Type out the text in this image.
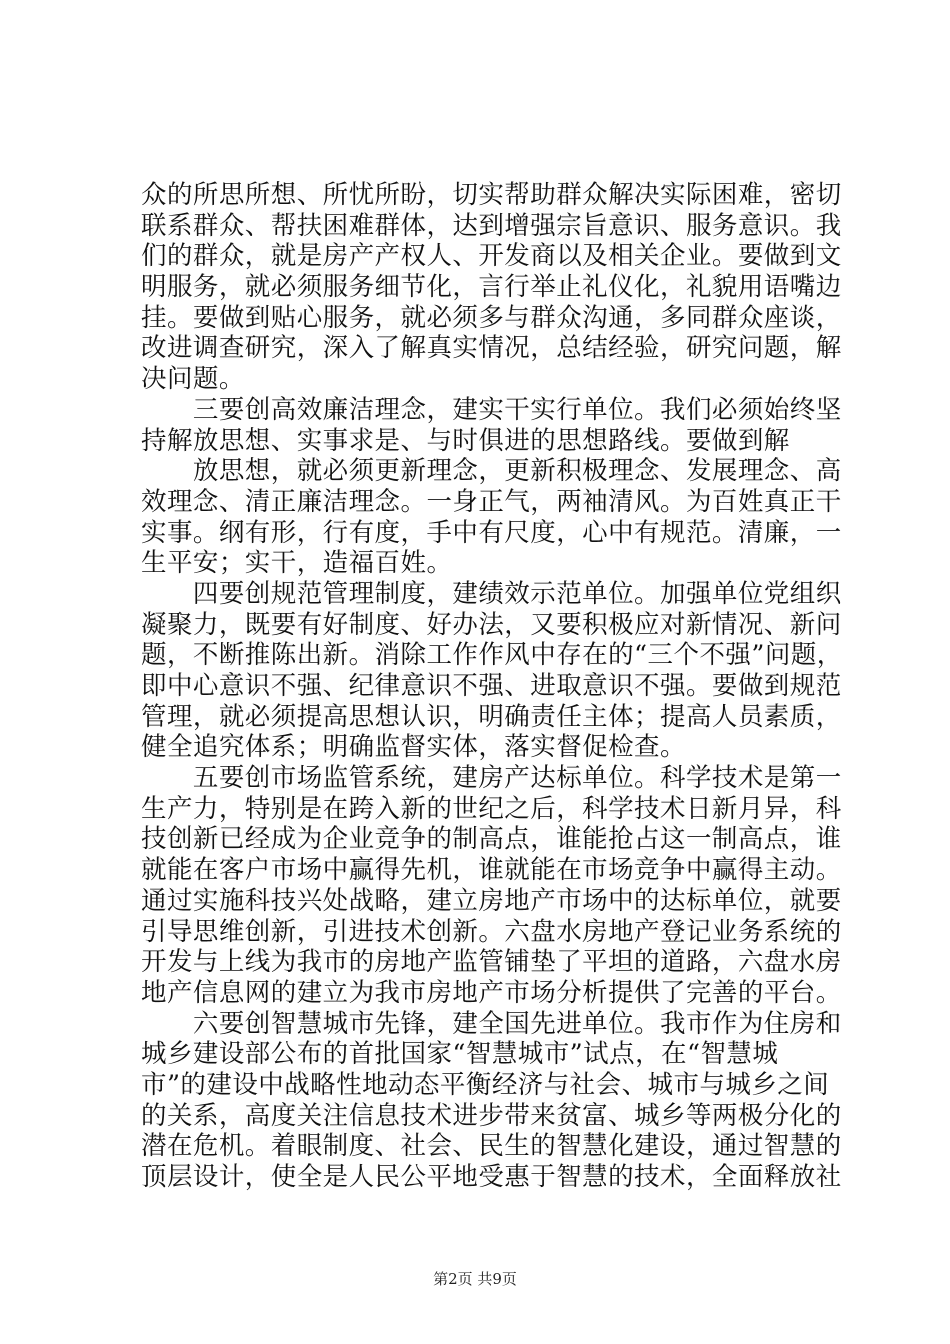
众的所思所想、所忧所盼，切实帮助群众解决实际困难，密切
联系群众、帮扶困难群体，达到增强宗旨意识、服务意识。我
们的群众，就是房产产权人、开发商以及相关企业。要做到文
明服务，就必须服务细节化，言行举止礼仪化，礼貌用语嘴边
挂。要做到贴心服务，就必须多与群众沟通，多同群众座谈，
改进调查研究，深入了解真实情况，总结经验，研究问题，解
决问题。
　　三要创高效廉洁理念，建实干实行单位。我们必须始终坚
持解放思想、实事求是、与时俱进的思想路线。要做到解
　　放思想，就必须更新理念，更新积极理念、发展理念、高
效理念、清正廉洁理念。一身正气，两袖清风。为百姓真正干
实事。纲有形，行有度，手中有尺度，心中有规范。清廉，一
生平安；实干，造福百姓。
　　四要创规范管理制度，建绩效示范单位。加强单位党组织
凝聚力，既要有好制度、好办法，又要积极应对新情况、新问
题，不断推陈出新。消除工作作风中存在的“三个不强”问题，
即中心意识不强、纪律意识不强、进取意识不强。要做到规范
管理，就必须提高思想认识，明确责任主体；提高人员素质，
健全追究体系；明确监督实体，落实督促检查。
　　五要创市场监管系统，建房产达标单位。科学技术是第一
生产力，特别是在跨入新的世纪之后，科学技术日新月异，科
技创新已经成为企业竞争的制高点，谁能抢占这一制高点，谁
就能在客户市场中赢得先机，谁就能在市场竞争中赢得主动。
通过实施科技兴处战略，建立房地产市场中的达标单位，就要
引导思维创新，引进技术创新。六盘水房地产登记业务系统的
开发与上线为我市的房地产监管铺垫了平坦的道路，六盘水房
地产信息网的建立为我市房地产市场分析提供了完善的平台。
　　六要创智慧城市先锋，建全国先进单位。我市作为住房和
城乡建设部公布的首批国家“智慧城市”试点，在“智慧城
市”的建设中战略性地动态平衡经济与社会、城市与城乡之间
的关系，高度关注信息技术进步带来贫富、城乡等两极分化的
潜在危机。着眼制度、社会、民生的智慧化建设，通过智慧的
顶层设计，使全是人民公平地受惠于智慧的技术，全面释放社
第2页 共9页
